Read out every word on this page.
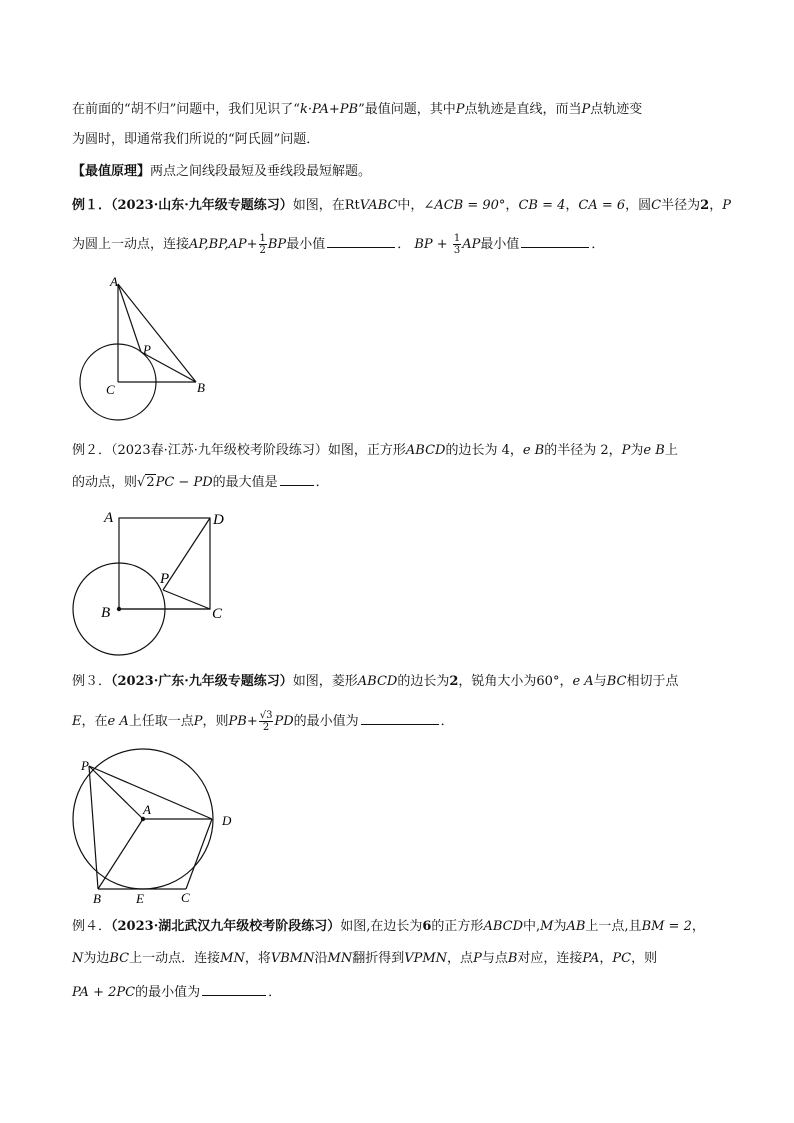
在前面的“胡不归”问题中，我们见识了“k·PA+PB”最值问题，其中P点轨迹是直线，而当P点轨迹变
为圆时，即通常我们所说的“阿氏圆”问题．
【最值原理】两点之间线段最短及垂线段最短解题。
例１．（2023·山东·九年级专题练习）如图，在RtVABC中，∠ACB = 90°，CB = 4，CA = 6，圆C半径为2，P
为圆上一动点，连接$AP,BP,AP+ \frac{1}{2}$ BP最小值	． BP + $\frac{1}{3}$ AP最小值	．
A
P
C	B
例２．（2023春·江苏·九年级校考阶段练习）如图，正方形ABCD的边长为 4，e B的半径为 2，P为e B上
的动点，则√2PC − PD的最大值是	．
A	D
P
B	C
例３．（2023·广东·九年级专题练习）如图，菱形ABCD的边长为2，锐角大小为60°，e A与BC相切于点
E，在e A上任取一点P，则$PB+ \frac{√3}{2}$ PD的最小值为	．
P
A
D
B	E	C
例４．（2023·湖北武汉九年级校考阶段练习）如图,在边长为6的正方形ABCD中,M为AB上一点,且BM = 2，
N为边BC上一动点．连接MN，将VBMN沿MN翻折得到VPMN，点P与点B对应，连接PA，PC，则
PA + 2PC的最小值为	．
